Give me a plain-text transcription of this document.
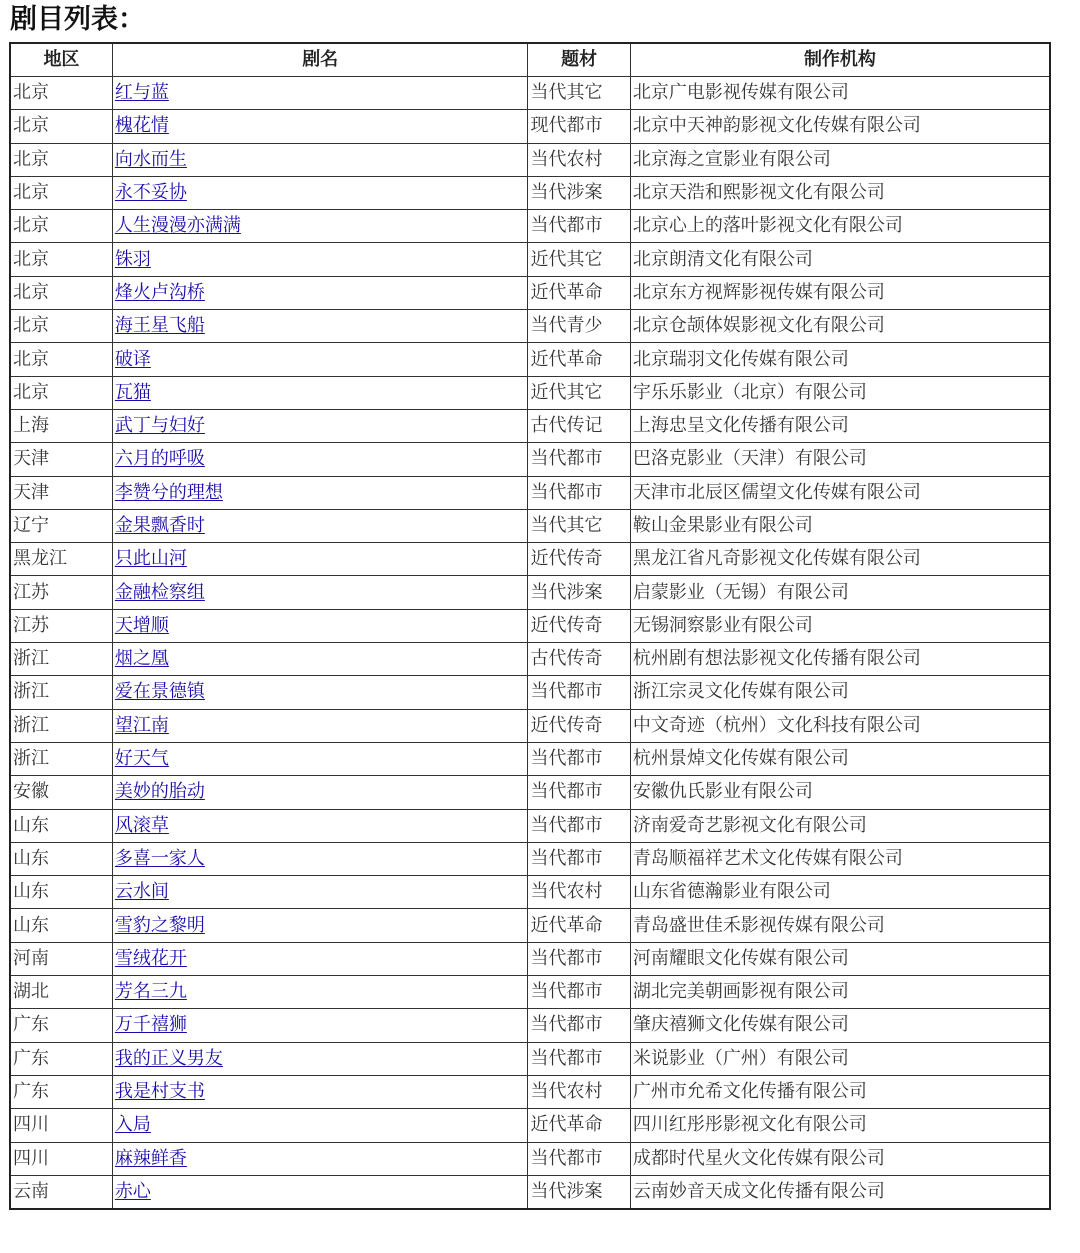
剧目列表：
地区	剧名	题材	制作机构
北京	红与蓝	当代其它	北京广电影视传媒有限公司
北京	槐花情	现代都市	北京中天神韵影视文化传媒有限公司
北京	向水而生	当代农村	北京海之宣影业有限公司
北京	永不妥协	当代涉案	北京天浩和熙影视文化有限公司
北京	人生漫漫亦满满	当代都市	北京心上的落叶影视文化有限公司
北京	铢羽	近代其它	北京朗清文化有限公司
北京	烽火卢沟桥	近代革命	北京东方视辉影视传媒有限公司
北京	海王星飞船	当代青少	北京仓颉体娱影视文化有限公司
北京	破译	近代革命	北京瑞羽文化传媒有限公司
北京	瓦猫	近代其它	宇乐乐影业（北京）有限公司
上海	武丁与妇好	古代传记	上海忠呈文化传播有限公司
天津	六月的呼吸	当代都市	巴洛克影业（天津）有限公司
天津	李赞兮的理想	当代都市	天津市北辰区儒望文化传媒有限公司
辽宁	金果飘香时	当代其它	鞍山金果影业有限公司
黑龙江	只此山河	近代传奇	黑龙江省凡奇影视文化传媒有限公司
江苏	金融检察组	当代涉案	启蒙影业（无锡）有限公司
江苏	天增顺	近代传奇	无锡洞察影业有限公司
浙江	烟之凰	古代传奇	杭州剧有想法影视文化传播有限公司
浙江	爱在景德镇	当代都市	浙江宗灵文化传媒有限公司
浙江	望江南	近代传奇	中文奇迹（杭州）文化科技有限公司
浙江	好天气	当代都市	杭州景焯文化传媒有限公司
安徽	美妙的胎动	当代都市	安徽仇氏影业有限公司
山东	风滚草	当代都市	济南爱奇艺影视文化有限公司
山东	多喜一家人	当代都市	青岛顺福祥艺术文化传媒有限公司
山东	云水间	当代农村	山东省德瀚影业有限公司
山东	雪豹之黎明	近代革命	青岛盛世佳禾影视传媒有限公司
河南	雪绒花开	当代都市	河南耀眼文化传媒有限公司
湖北	芳名三九	当代都市	湖北完美朝画影视有限公司
广东	万千禧狮	当代都市	肇庆禧狮文化传媒有限公司
广东	我的正义男友	当代都市	米说影业（广州）有限公司
广东	我是村支书	当代农村	广州市允希文化传播有限公司
四川	入局	近代革命	四川红彤彤影视文化有限公司
四川	麻辣鲜香	当代都市	成都时代星火文化传媒有限公司
云南	赤心	当代涉案	云南妙音天成文化传播有限公司
